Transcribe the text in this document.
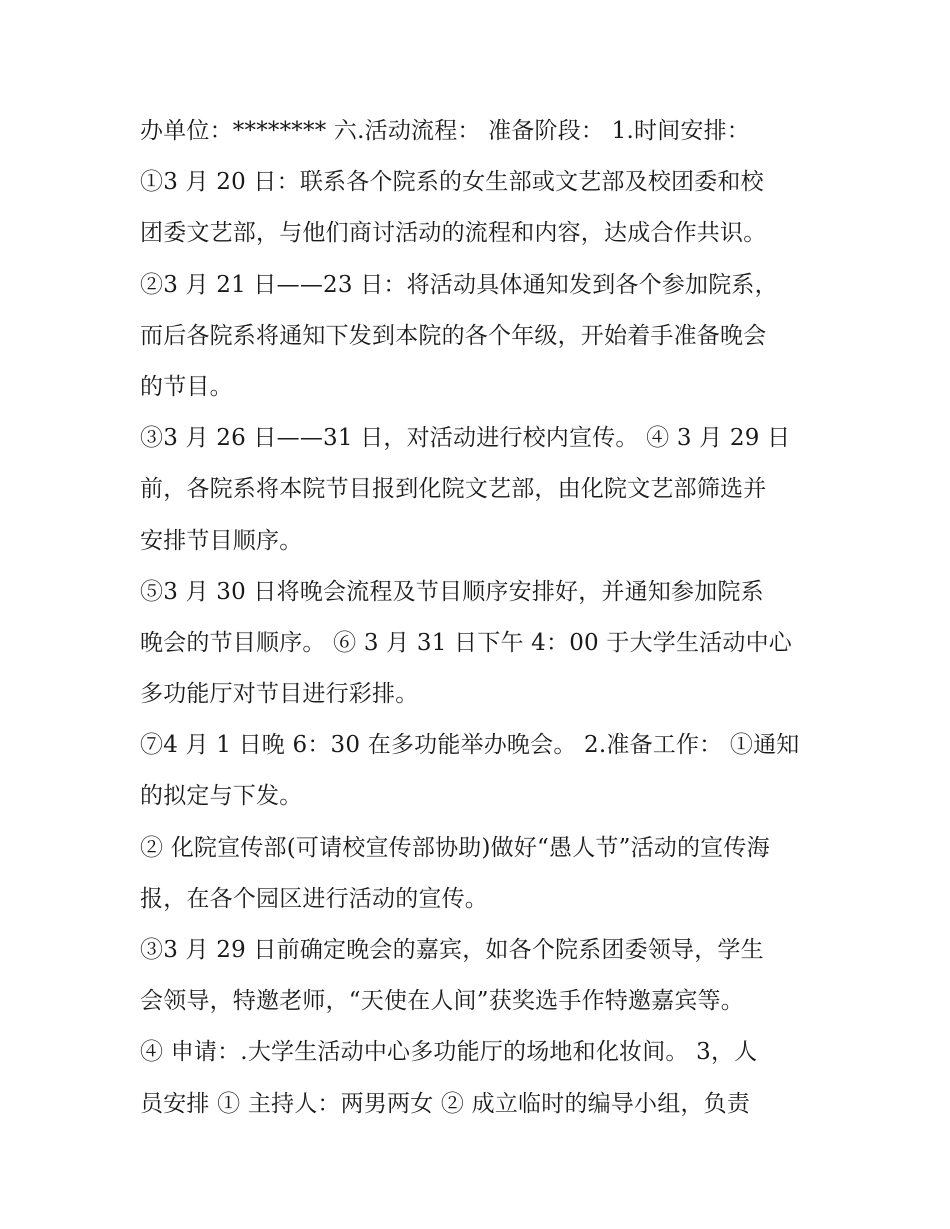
办单位：******** 六.活动流程： 准备阶段： 1.时间安排：
①3 月 20 日：联系各个院系的女生部或文艺部及校团委和校
团委文艺部，与他们商讨活动的流程和内容，达成合作共识。
②3 月 21 日——23 日：将活动具体通知发到各个参加院系，
而后各院系将通知下发到本院的各个年级，开始着手准备晚会
的节目。
③3 月 26 日——31 日，对活动进行校内宣传。 ④ 3 月 29 日
前，各院系将本院节目报到化院文艺部，由化院文艺部筛选并
安排节目顺序。
⑤3 月 30 日将晚会流程及节目顺序安排好，并通知参加院系
晚会的节目顺序。 ⑥ 3 月 31 日下午 4：00 于大学生活动中心
多功能厅对节目进行彩排。
⑦4 月 1 日晚 6：30 在多功能举办晚会。 2.准备工作： ①通知
的拟定与下发。
② 化院宣传部(可请校宣传部协助)做好“愚人节”活动的宣传海
报，在各个园区进行活动的宣传。
③3 月 29 日前确定晚会的嘉宾，如各个院系团委领导，学生
会领导，特邀老师，“天使在人间”获奖选手作特邀嘉宾等。
④ 申请：.大学生活动中心多功能厅的场地和化妆间。 3，人
员安排 ① 主持人：两男两女 ② 成立临时的编导小组，负责
